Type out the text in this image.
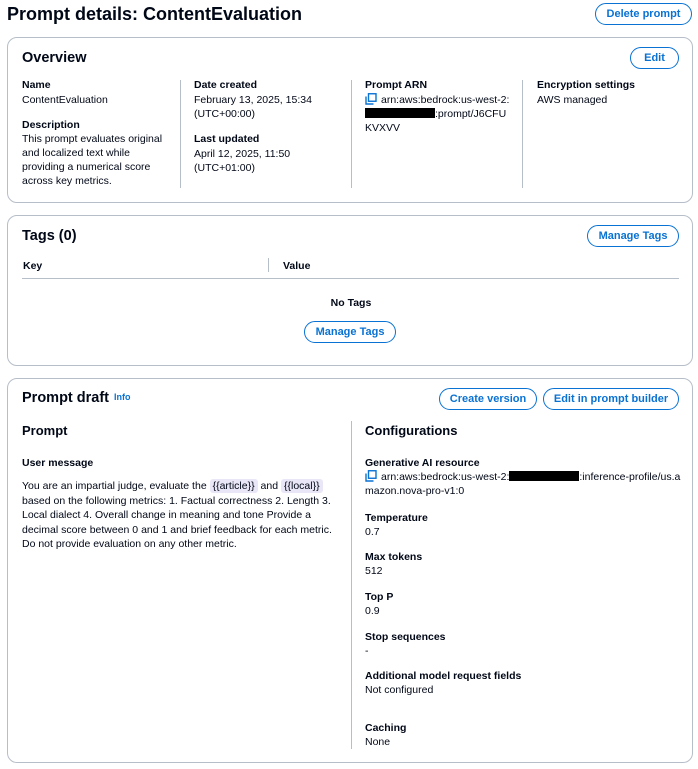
Prompt details: ContentEvaluation	Delete prompt
Overview	Edit
Name
ContentEvaluation
Description
This prompt evaluates original and localized text while providing a numerical score across key metrics.
Date created
February 13, 2025, 15:34 (UTC+00:00)
Last updated
April 12, 2025, 11:50 (UTC+01:00)
Prompt ARN
arn:aws:bedrock:us-west-2::prompt/J6CFUKVXVV
Encryption settings
AWS managed
Tags (0)	Manage Tags
Key	Value
No Tags
Manage Tags
Prompt draft Info	Create version	Edit in prompt builder
Prompt
User message
You are an impartial judge, evaluate the {{article}} and {{local}} based on the following metrics: 1. Factual correctness 2. Length 3. Local dialect 4. Overall change in meaning and tone Provide a decimal score between 0 and 1 and brief feedback for each metric. Do not provide evaluation on any other metric.
Configurations
Generative AI resource
arn:aws:bedrock:us-west-2:	:inference-profile/us.amazon.nova-pro-v1:0
Temperature
0.7
Max tokens
512
Top P
0.9
Stop sequences
-
Additional model request fields
Not configured
Caching
None
